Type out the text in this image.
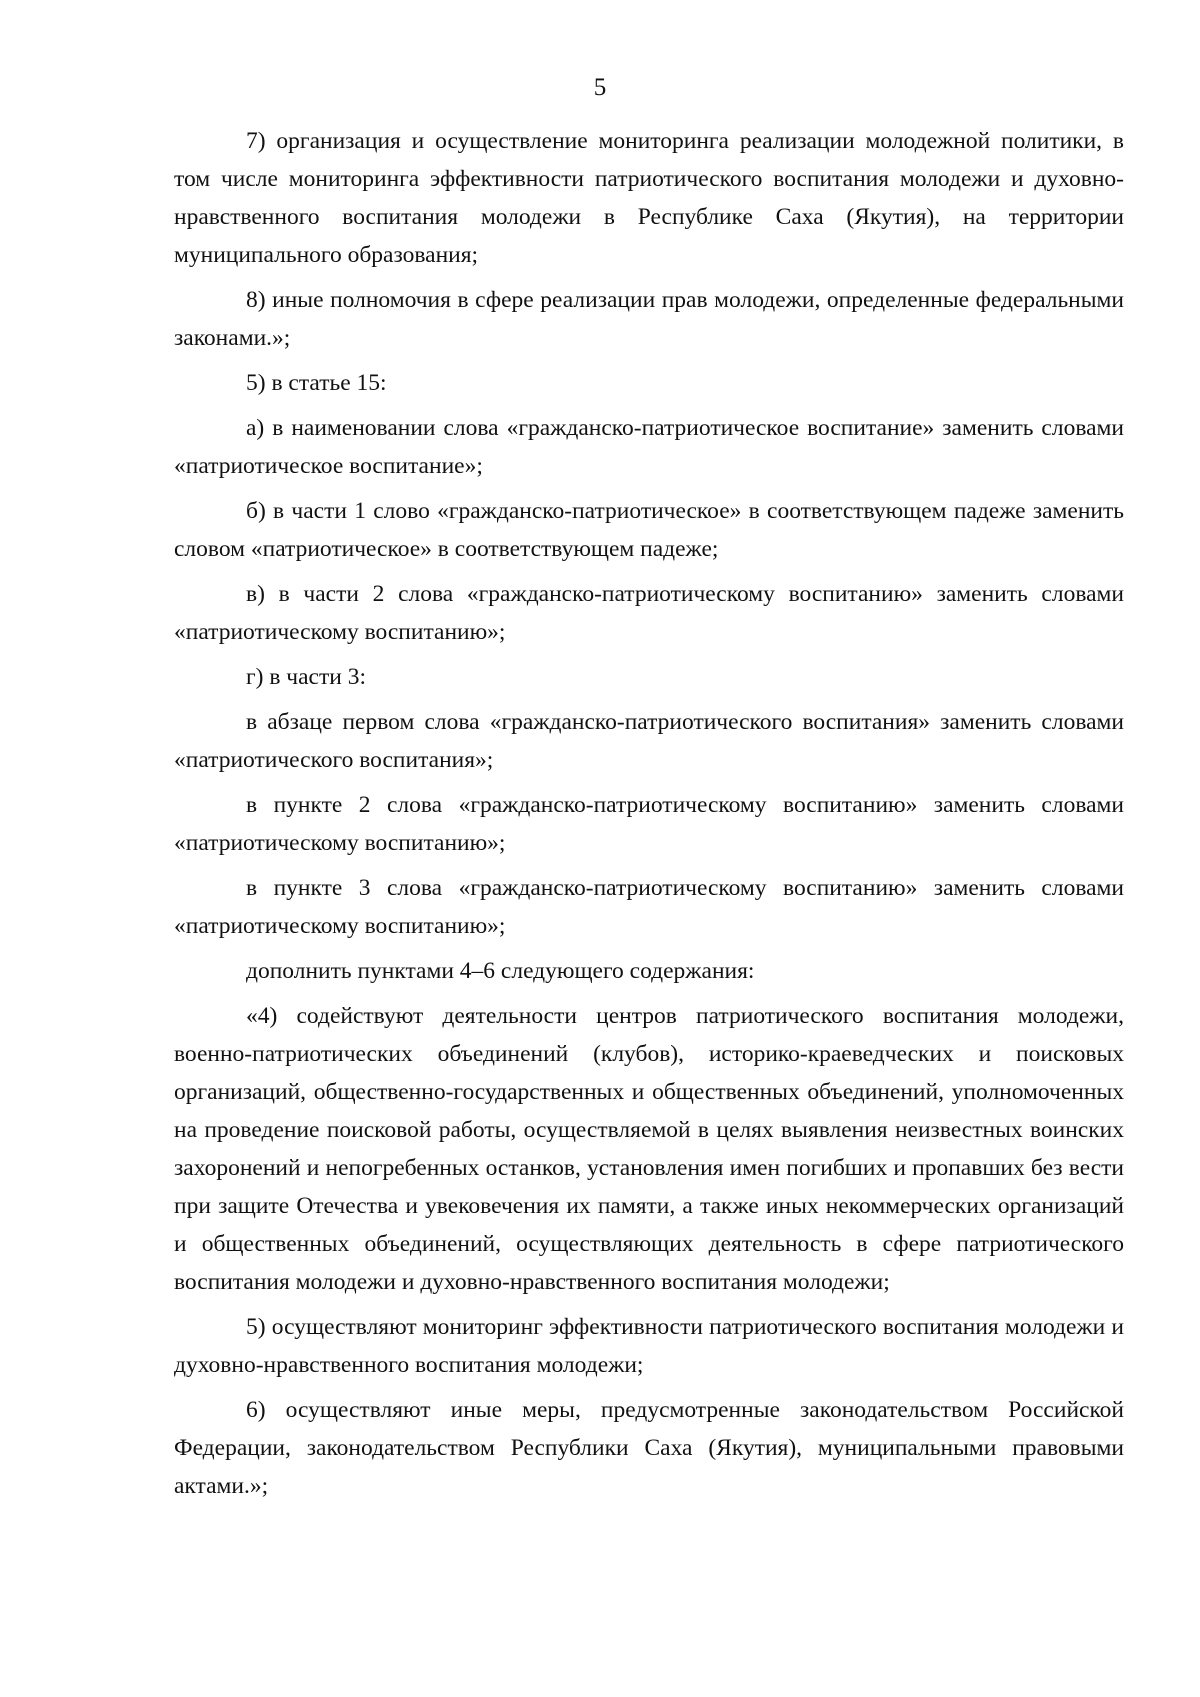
5

7) организация и осуществление мониторинга реализации молодежной политики, в том числе мониторинга эффективности патриотического воспитания молодежи и духовно-нравственного воспитания молодежи в Республике Саха (Якутия), на территории муниципального образования;

8) иные полномочия в сфере реализации прав молодежи, определенные федеральными законами.»;

5) в статье 15:

а) в наименовании слова «гражданско-патриотическое воспитание» заменить словами «патриотическое воспитание»;

б) в части 1 слово «гражданско-патриотическое» в соответствующем падеже заменить словом «патриотическое» в соответствующем падеже;

в) в части 2 слова «гражданско-патриотическому воспитанию» заменить словами «патриотическому воспитанию»;

г) в части 3:

в абзаце первом слова «гражданско-патриотического воспитания» заменить словами «патриотического воспитания»;

в пункте 2 слова «гражданско-патриотическому воспитанию» заменить словами «патриотическому воспитанию»;

в пункте 3 слова «гражданско-патриотическому воспитанию» заменить словами «патриотическому воспитанию»;

дополнить пунктами 4–6 следующего содержания:

«4) содействуют деятельности центров патриотического воспитания молодежи, военно-патриотических объединений (клубов), историко-краеведческих и поисковых организаций, общественно-государственных и общественных объединений, уполномоченных на проведение поисковой работы, осуществляемой в целях выявления неизвестных воинских захоронений и непогребенных останков, установления имен погибших и пропавших без вести при защите Отечества и увековечения их памяти, а также иных некоммерческих организаций и общественных объединений, осуществляющих деятельность в сфере патриотического воспитания молодежи и духовно-нравственного воспитания молодежи;

5) осуществляют мониторинг эффективности патриотического воспитания молодежи и духовно-нравственного воспитания молодежи;

6) осуществляют иные меры, предусмотренные законодательством Российской Федерации, законодательством Республики Саха (Якутия), муниципальными правовыми актами.»;
